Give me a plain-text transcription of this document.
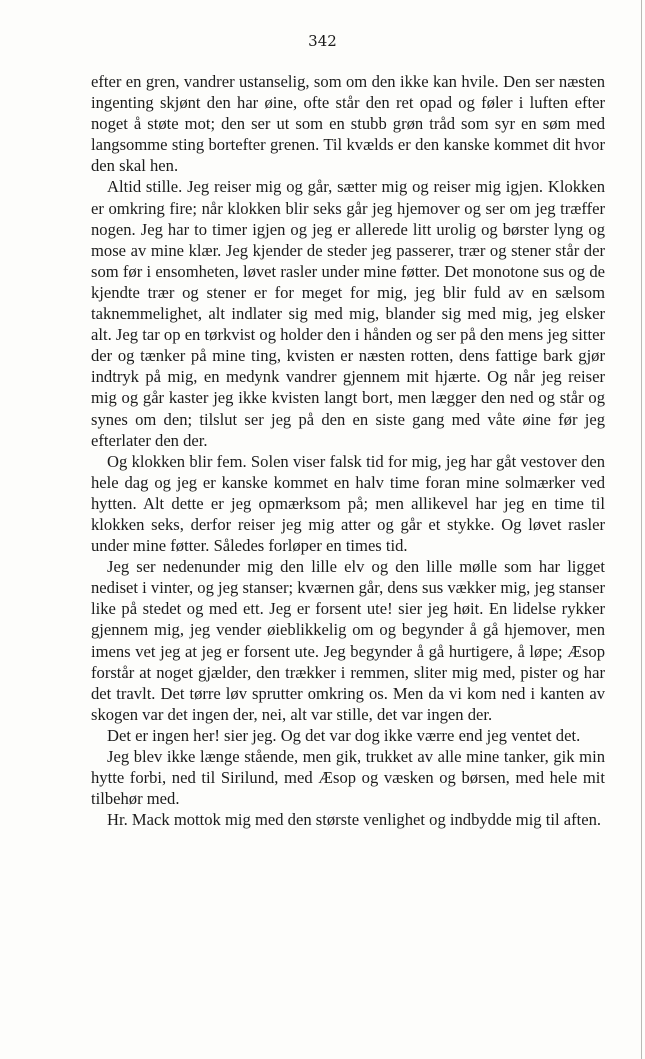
342

efter en gren, vandrer ustanselig, som om den ikke kan hvile. Den ser næsten ingenting skjønt den har øine, ofte står den ret opad og føler i luften efter noget å støte mot; den ser ut som en stubb grøn tråd som syr en søm med langsomme sting bortefter grenen. Til kvælds er den kanske kommet dit hvor den skal hen.

Altid stille. Jeg reiser mig og går, sætter mig og reiser mig igjen. Klokken er omkring fire; når klokken blir seks går jeg hjemover og ser om jeg træffer nogen. Jeg har to timer igjen og jeg er allerede litt urolig og børster lyng og mose av mine klær. Jeg kjender de steder jeg passerer, trær og stener står der som før i ensomheten, løvet rasler under mine føtter. Det monotone sus og de kjendte trær og stener er for meget for mig, jeg blir fuld av en sælsom taknemmelighet, alt indlater sig med mig, blander sig med mig, jeg elsker alt. Jeg tar op en tørkvist og holder den i hånden og ser på den mens jeg sitter der og tænker på mine ting, kvisten er næsten rotten, dens fattige bark gjør indtryk på mig, en medynk vandrer gjennem mit hjærte. Og når jeg reiser mig og går kaster jeg ikke kvisten langt bort, men lægger den ned og står og synes om den; tilslut ser jeg på den en siste gang med våte øine før jeg efterlater den der.

Og klokken blir fem. Solen viser falsk tid for mig, jeg har gåt vestover den hele dag og jeg er kanske kommet en halv time foran mine solmærker ved hytten. Alt dette er jeg opmærksom på; men allikevel har jeg en time til klokken seks, derfor reiser jeg mig atter og går et stykke. Og løvet rasler under mine føtter. Således forløper en times tid.

Jeg ser nedenunder mig den lille elv og den lille mølle som har ligget nediset i vinter, og jeg stanser; kværnen går, dens sus vækker mig, jeg stanser like på stedet og med ett. Jeg er forsent ute! sier jeg høit. En lidelse rykker gjennem mig, jeg vender øieblikkelig om og begynder å gå hjemover, men imens vet jeg at jeg er forsent ute. Jeg begynder å gå hurtigere, å løpe; Æsop forstår at noget gjælder, den trækker i remmen, sliter mig med, pister og har det travlt. Det tørre løv sprutter omkring os. Men da vi kom ned i kanten av skogen var det ingen der, nei, alt var stille, det var ingen der.

Det er ingen her! sier jeg. Og det var dog ikke værre end jeg ventet det.

Jeg blev ikke længe stående, men gik, trukket av alle mine tanker, gik min hytte forbi, ned til Sirilund, med Æsop og væsken og børsen, med hele mit tilbehør med.

Hr. Mack mottok mig med den største venlighet og indbydde mig til aften.
